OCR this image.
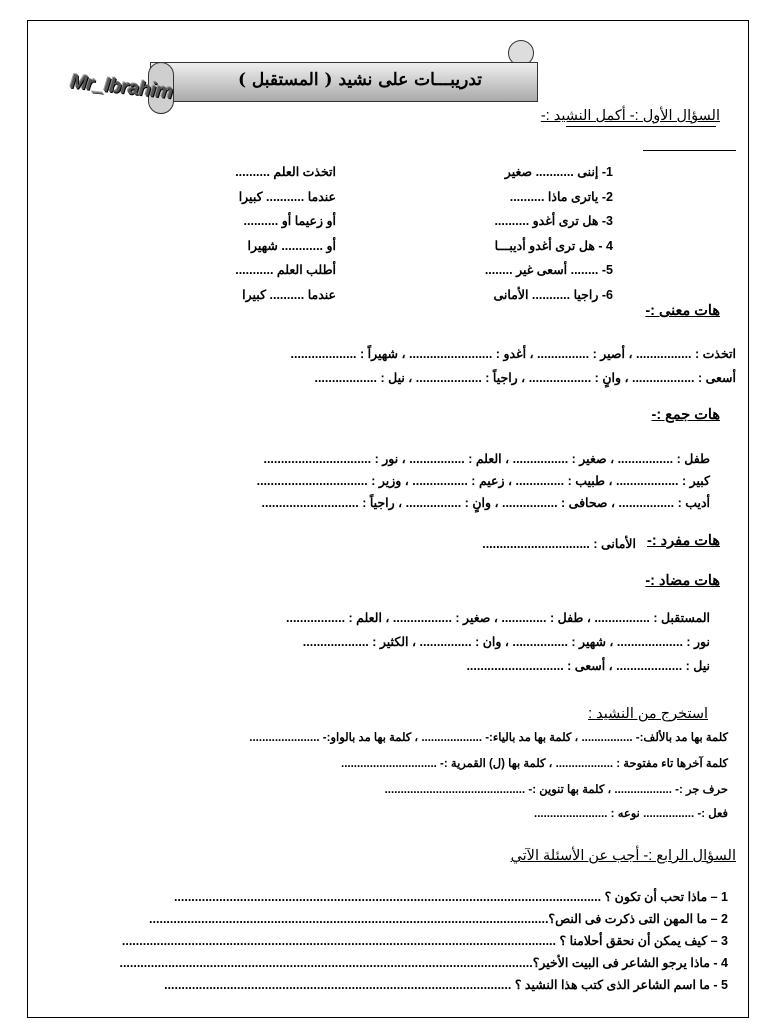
تدريبـــات على نشيد ( المستقبل )
Mr_Ibrahim
السؤال الأول :- أكمل النشيد :-
1- إننى ........... صغير
2- ياترى ماذا ..........
3- هل ترى أغدو ..........
4 - هل ترى أغدو أديبـــا
5- ........ أسعى غير ........
6- راجيا ........... الأمانى
اتخذت العلم ..........
عندما ........... كبيرا
أو زعيما أو ..........
أو ............ شهيرا
أطلب العلم ...........
عندما .......... كبيرا
هات معنى :-
اتخذت : ................ ، أصير : ............... ، أغدو : ........................ ، شهيراً : ...................
أسعى : .................. ، وانٍ : .................. ، راجياً : ................... ، نيل : ..................
هات جمع :-
طفل : ................ ، صغير : ................ ، العلم : ................ ، نور : ...............................
كبير : .................. ، طبيب : .............. ، زعيم : ................ ، وزير : ................................
أديب : ................ ، صحافى : ................ ، وانٍ : ................ ، راجياً : ............................
هات مفرد :-
الأمانى : ...............................
هات مضاد :-
المستقبل : ................ ، طفل : ............. ، صغير : ................. ، العلم : .................
نور : ................... ، شهير : ................ ، وان : ............... ، الكثير : ...................
نيل : ................... ، أسعى : ............................
استخرج من النشيد :
كلمة بها مد بالألف:- ................ ، كلمة بها مد بالياء:- ................... ، كلمة بها مد بالواو:- ......................
كلمة آخرها تاء مفتوحة : .................. ، كلمة بها (ل) القمرية :- ..............................
حرف جر :- .................. ، كلمة بها تنوين :- ............................................
فعل :- ................ نوعه : .......................
السؤال الرابع :- أجب عن الأسئلة الآتي
1 – ماذا تحب أن تكون ؟ ...........................................................................................................................
2 – ما المهن التى ذكرت فى النص؟...................................................................................................................
3 – كيف يمكن أن نحقق أحلامنا ؟ .............................................................................................................................
4 - ماذا يرجو الشاعر فى البيت الأخير؟.......................................................................................................................
5 - ما اسم الشاعر الذى كتب هذا النشيد ؟ ....................................................................................................
